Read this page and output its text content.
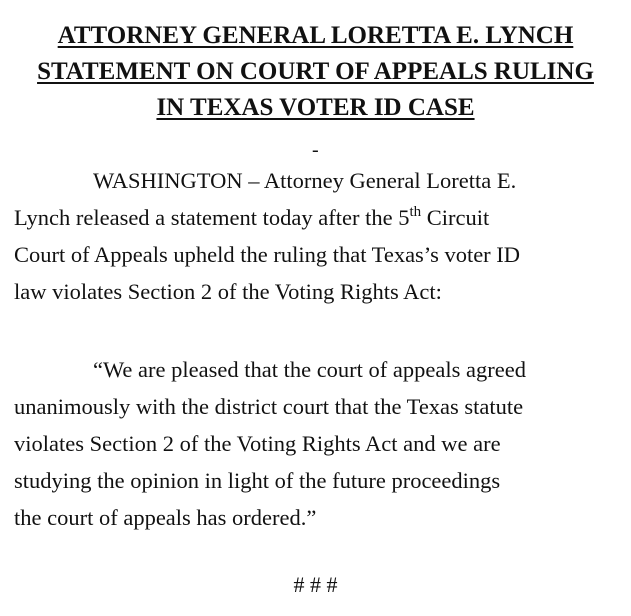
ATTORNEY GENERAL LORETTA E. LYNCH
STATEMENT ON COURT OF APPEALS RULING
IN TEXAS VOTER ID CASE
-
WASHINGTON – Attorney General Loretta E.
Lynch released a statement today after the 5th Circuit
Court of Appeals upheld the ruling that Texas’s voter ID
law violates Section 2 of the Voting Rights Act:
“We are pleased that the court of appeals agreed
unanimously with the district court that the Texas statute
violates Section 2 of the Voting Rights Act and we are
studying the opinion in light of the future proceedings
the court of appeals has ordered.”
# # #
